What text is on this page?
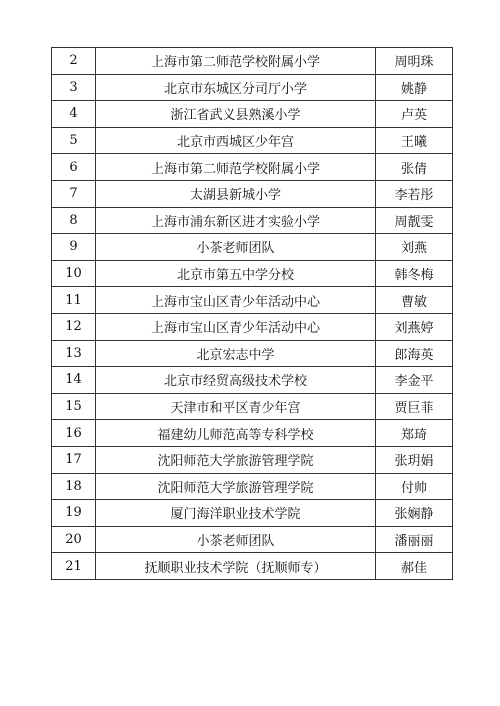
2	上海市第二师范学校附属小学	周明珠
3	北京市东城区分司厅小学	姚静
4	浙江省武义县熟溪小学	卢英
5	北京市西城区少年宫	王曦
6	上海市第二师范学校附属小学	张倩
7	太湖县新城小学	李若彤
8	上海市浦东新区进才实验小学	周靓雯
9	小茶老师团队	刘燕
10	北京市第五中学分校	韩冬梅
11	上海市宝山区青少年活动中心	曹敏
12	上海市宝山区青少年活动中心	刘燕婷
13	北京宏志中学	郎海英
14	北京市经贸高级技术学校	李金平
15	天津市和平区青少年宫	贾巨菲
16	福建幼儿师范高等专科学校	郑琦
17	沈阳师范大学旅游管理学院	张玥娟
18	沈阳师范大学旅游管理学院	付帅
19	厦门海洋职业技术学院	张娴静
20	小茶老师团队	潘丽丽
21	抚顺职业技术学院（抚顺师专）	郝佳
